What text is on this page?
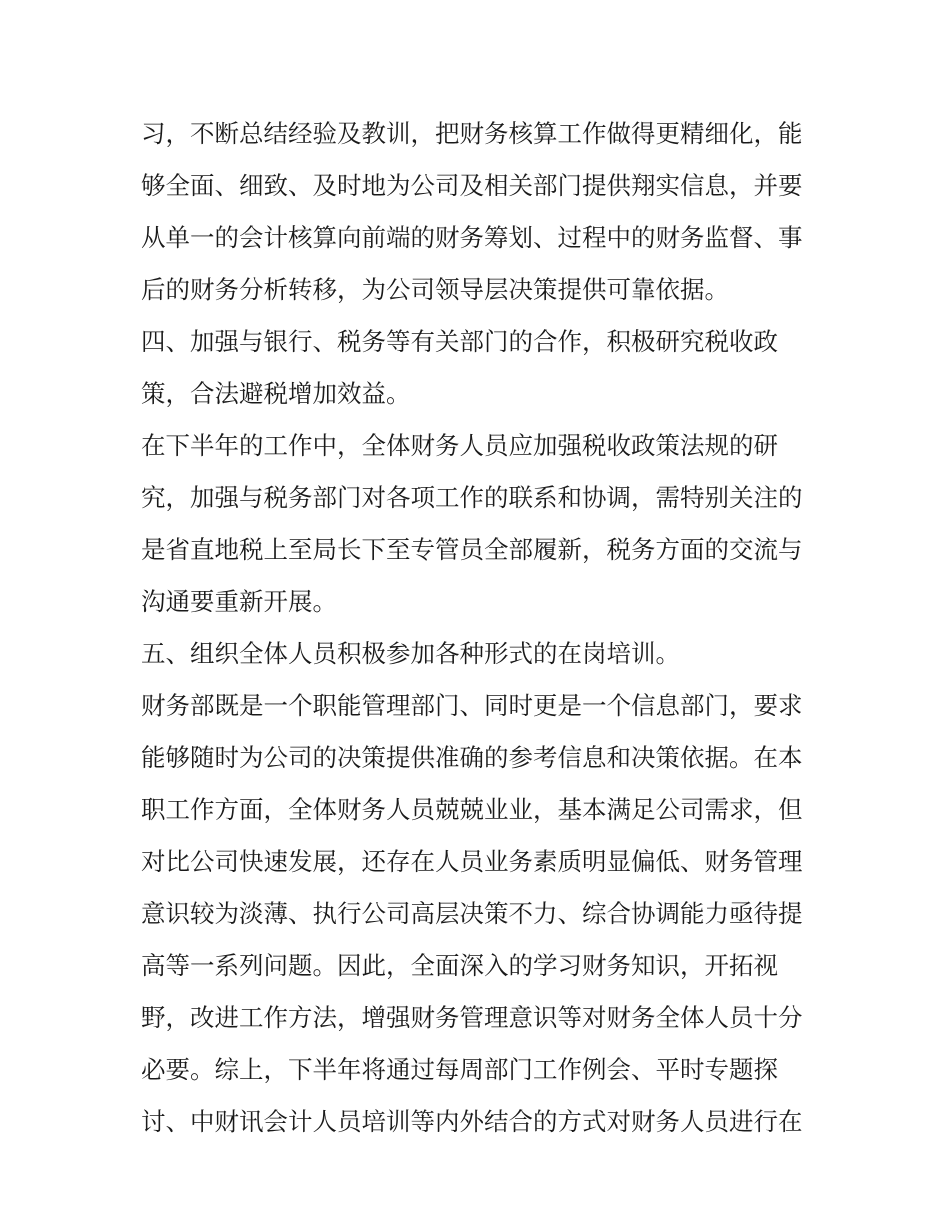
习，不断总结经验及教训，把财务核算工作做得更精细化，能
够全面、细致、及时地为公司及相关部门提供翔实信息，并要
从单一的会计核算向前端的财务筹划、过程中的财务监督、事
后的财务分析转移，为公司领导层决策提供可靠依据。
四、加强与银行、税务等有关部门的合作，积极研究税收政
策，合法避税增加效益。
在下半年的工作中，全体财务人员应加强税收政策法规的研
究，加强与税务部门对各项工作的联系和协调，需特别关注的
是省直地税上至局长下至专管员全部履新，税务方面的交流与
沟通要重新开展。
五、组织全体人员积极参加各种形式的在岗培训。
财务部既是一个职能管理部门、同时更是一个信息部门，要求
能够随时为公司的决策提供准确的参考信息和决策依据。在本
职工作方面，全体财务人员兢兢业业，基本满足公司需求，但
对比公司快速发展，还存在人员业务素质明显偏低、财务管理
意识较为淡薄、执行公司高层决策不力、综合协调能力亟待提
高等一系列问题。因此，全面深入的学习财务知识，开拓视
野，改进工作方法，增强财务管理意识等对财务全体人员十分
必要。综上，下半年将通过每周部门工作例会、平时专题探
讨、中财讯会计人员培训等内外结合的方式对财务人员进行在
